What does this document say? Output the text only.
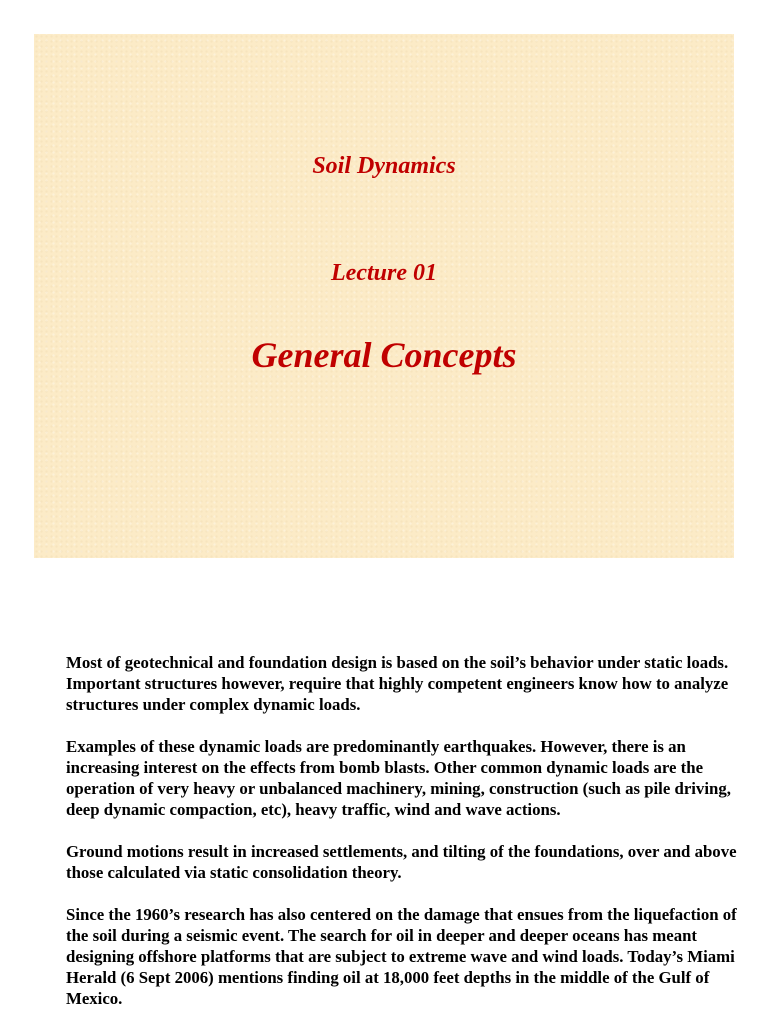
Soil Dynamics
Lecture 01
General Concepts

Most of geotechnical and foundation design is based on the soil’s behavior under static loads. Important structures however, require that highly competent engineers know how to analyze structures under complex dynamic loads.

Examples of these dynamic loads are predominantly earthquakes. However, there is an increasing interest on the effects from bomb blasts. Other common dynamic loads are the operation of very heavy or unbalanced machinery, mining, construction (such as pile driving, deep dynamic compaction, etc), heavy traffic, wind and wave actions.

Ground motions result in increased settlements, and tilting of the foundations, over and above those calculated via static consolidation theory.

Since the 1960’s research has also centered on the damage that ensues from the liquefaction of the soil during a seismic event. The search for oil in deeper and deeper oceans has meant designing offshore platforms that are subject to extreme wave and wind loads. Today’s Miami Herald (6 Sept 2006) mentions finding oil at 18,000 feet depths in the middle of the Gulf of Mexico.
